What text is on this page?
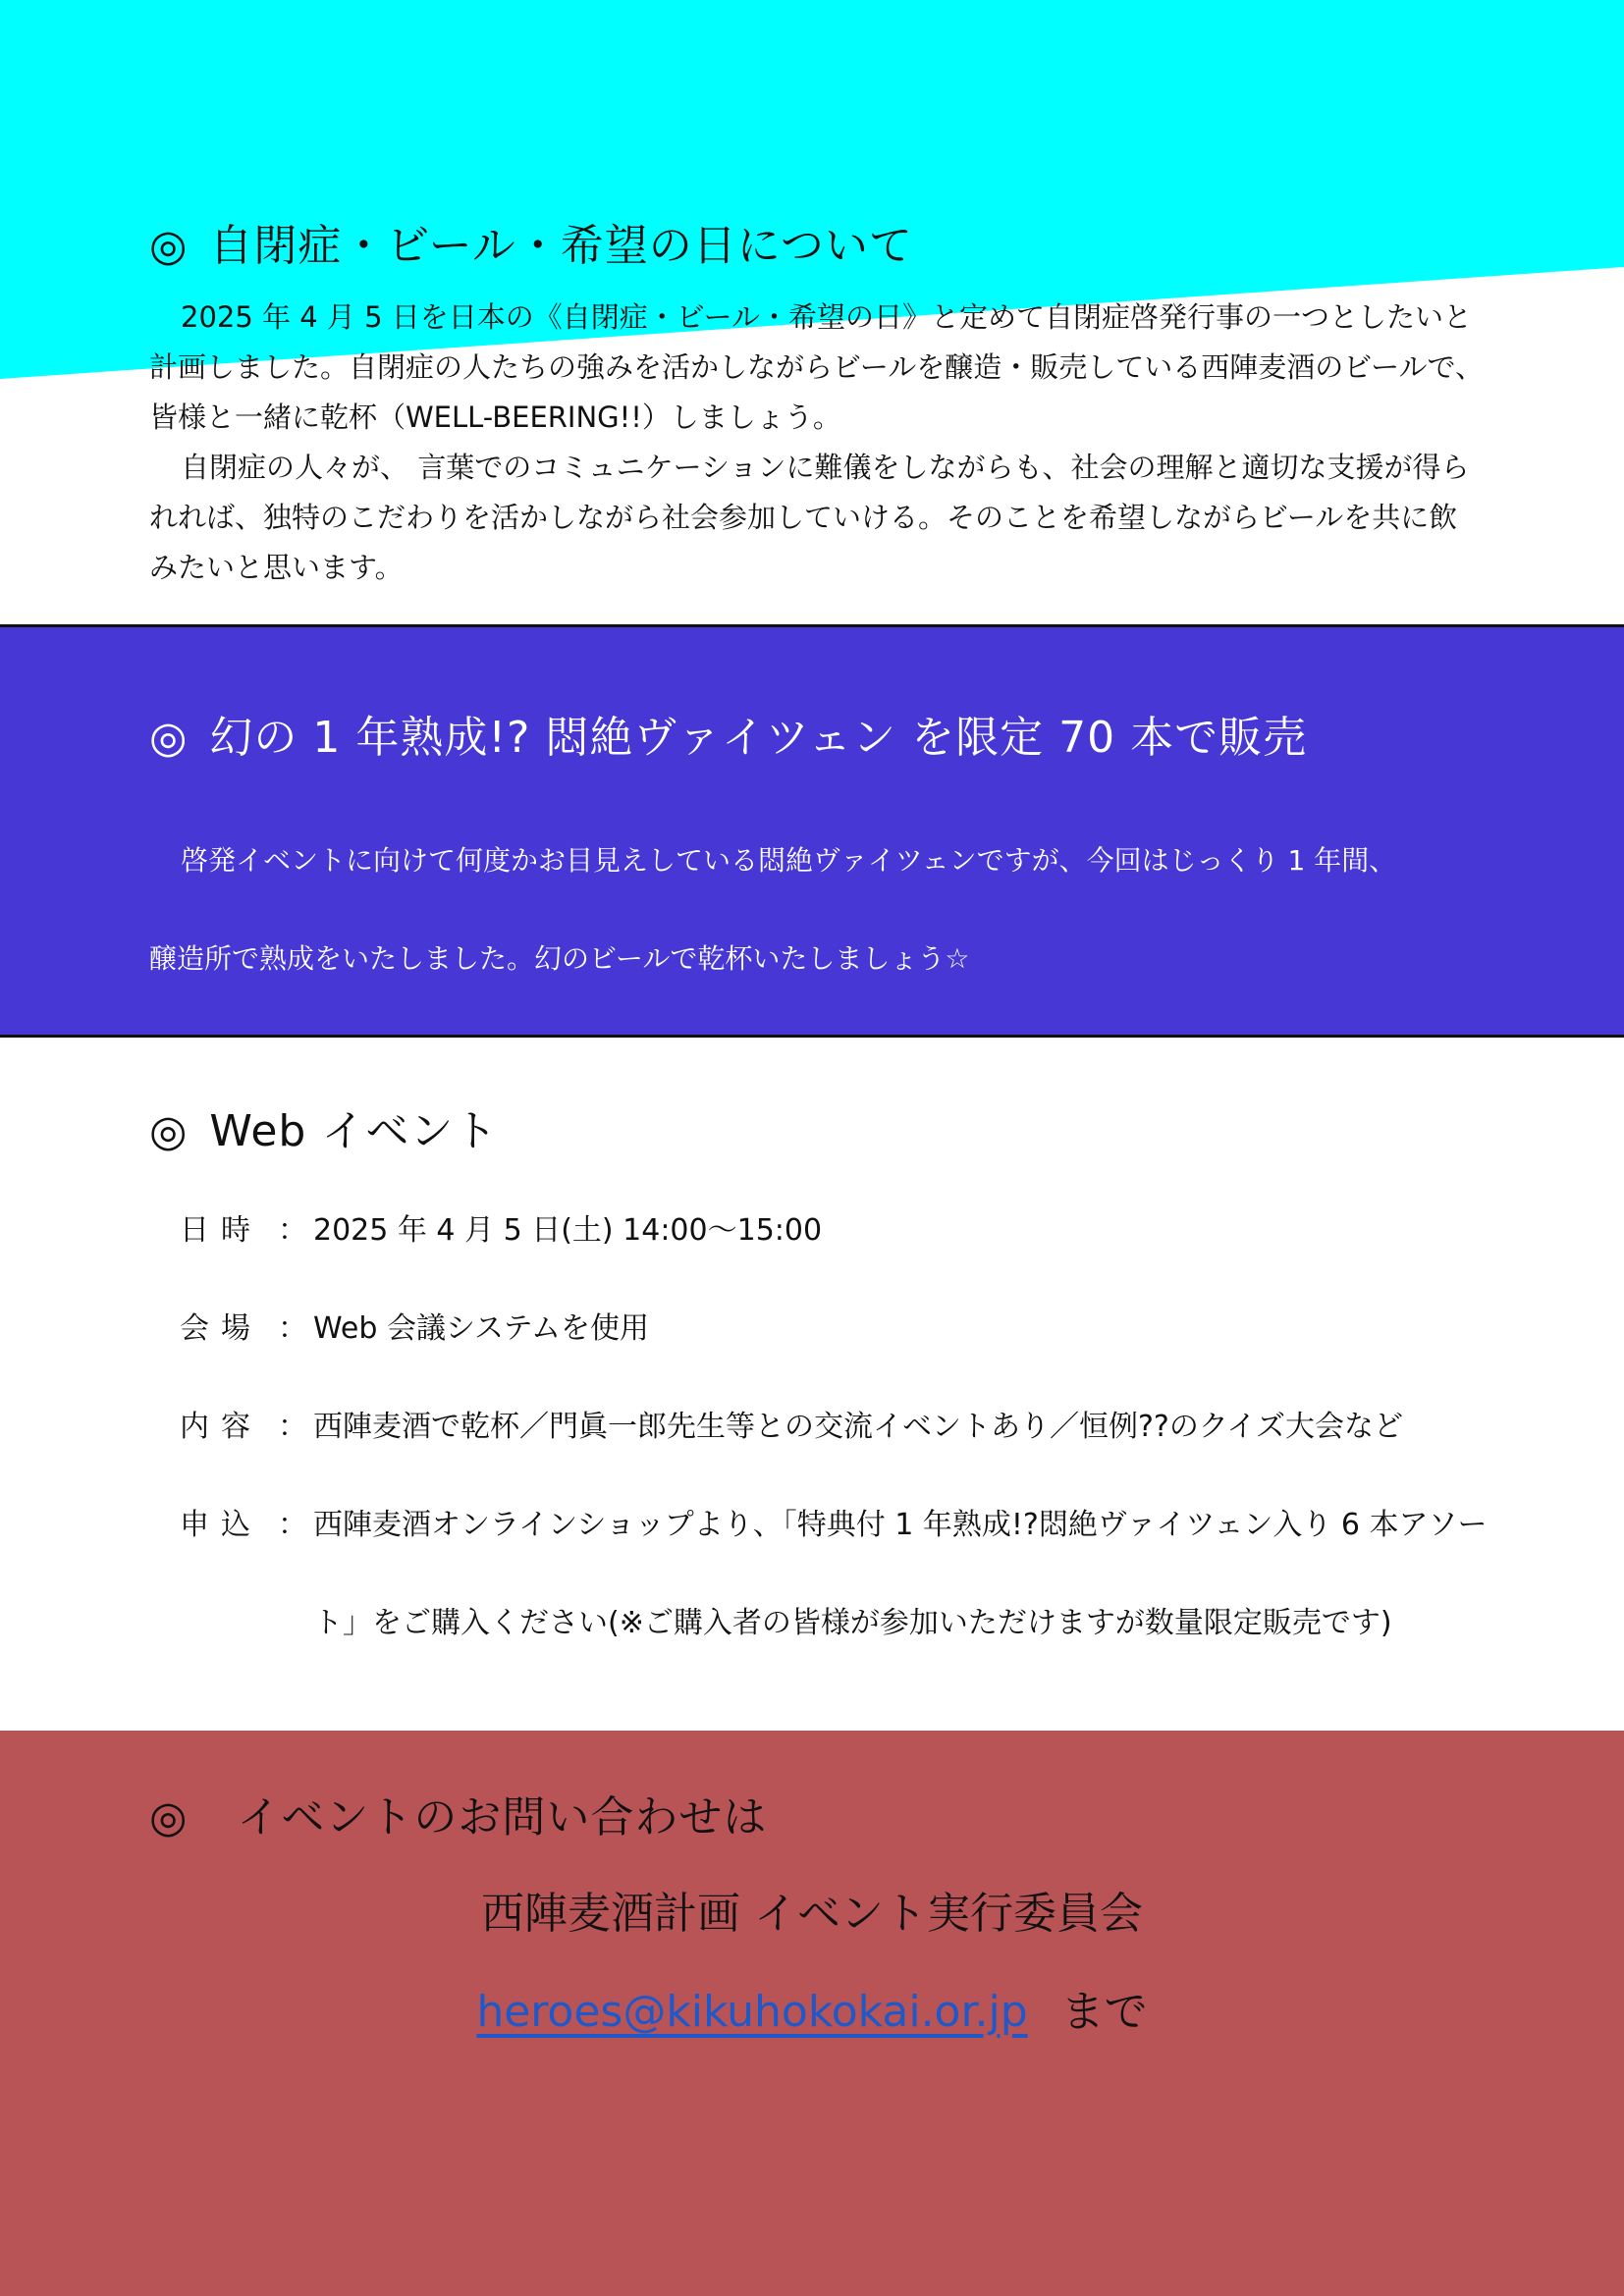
◎ 自閉症・ビール・希望の日について

2025 年 4 月 5 日を日本の《自閉症・ビール・希望の日》と定めて自閉症啓発行事の一つとしたいと計画しました。自閉症の人たちの強みを活かしながらビールを醸造・販売している西陣麦酒のビールで、皆様と一緒に乾杯（WELL-BEERING!!）しましょう。

自閉症の人々が、 言葉でのコミュニケーションに難儀をしながらも、社会の理解と適切な支援が得られれば、独特のこだわりを活かしながら社会参加していける。そのことを希望しながらビールを共に飲みたいと思います。

◎ 幻の 1 年熟成!? 悶絶ヴァイツェン を限定 70 本で販売

啓発イベントに向けて何度かお目見えしている悶絶ヴァイツェンですが、今回はじっくり 1 年間、

醸造所で熟成をいたしました。幻のビールで乾杯いたしましょう☆

◎ Web イベント
日時 ： 2025 年 4 月 5 日(土) 14:00～15:00
会場 ： Web 会議システムを使用
内容 ： 西陣麦酒で乾杯／門眞一郎先生等との交流イベントあり／恒例??のクイズ大会など
申込 ： 西陣麦酒オンラインショップより、「特典付 1 年熟成!?悶絶ヴァイツェン入り 6 本アソー
ト」をご購入ください(※ご購入者の皆様が参加いただけますが数量限定販売です)
◎ イベントのお問い合わせは
西陣麦酒計画 イベント実行委員会
heroes@kikuhokokai.or.jp まで
